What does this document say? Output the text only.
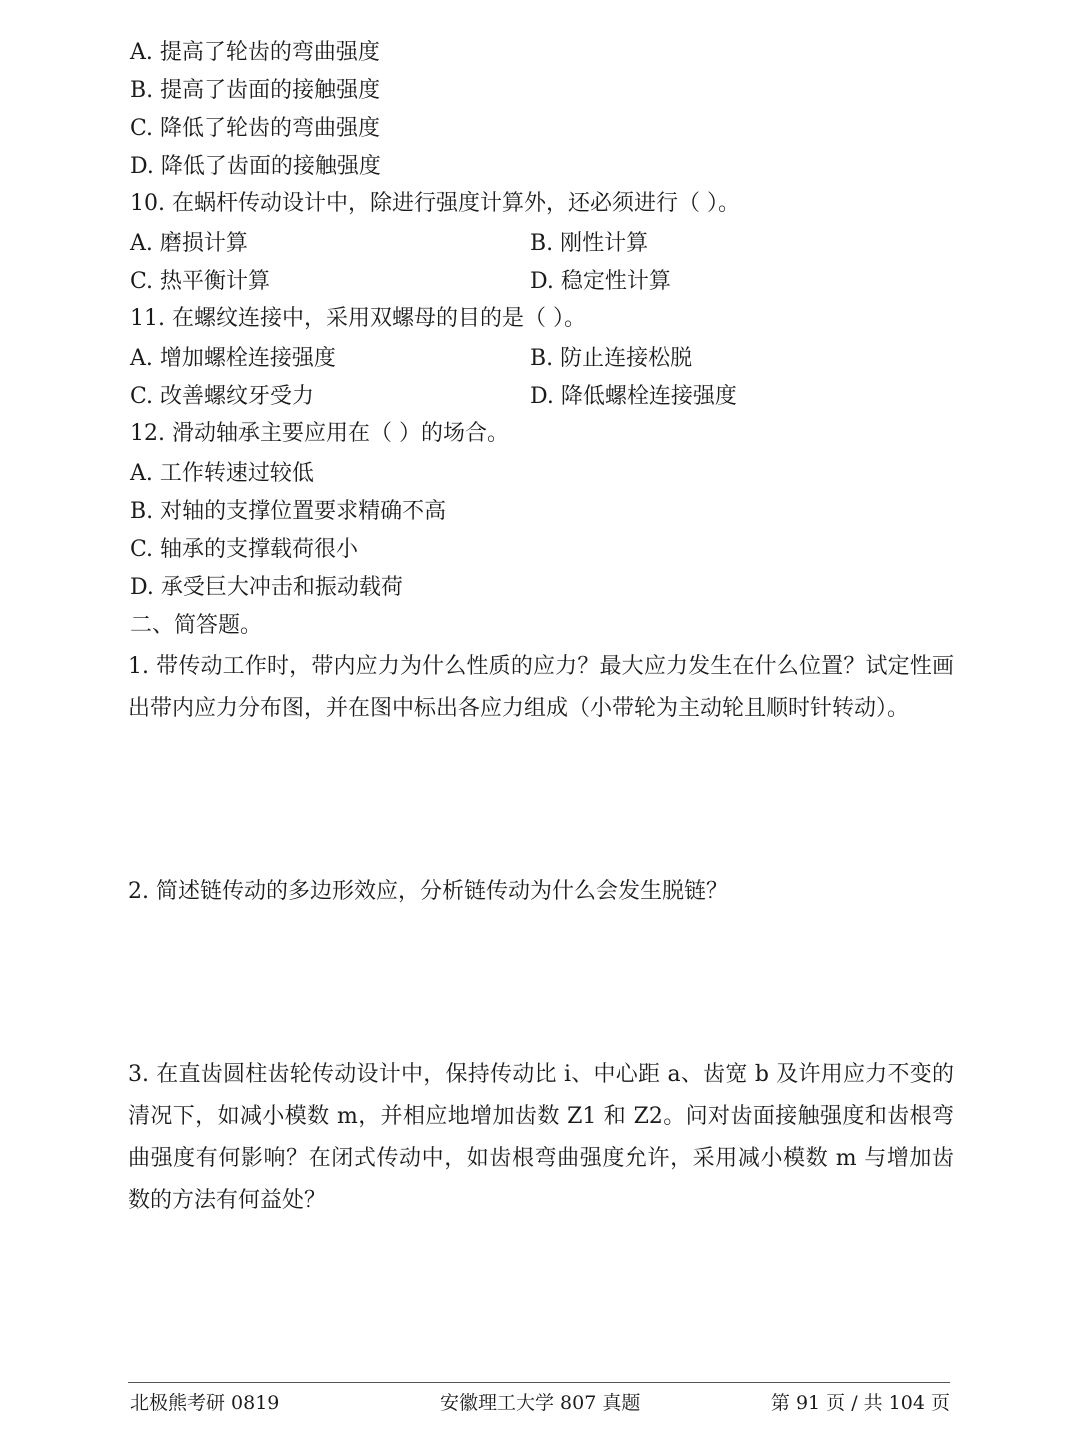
A. 提高了轮齿的弯曲强度
B. 提高了齿面的接触强度
C. 降低了轮齿的弯曲强度
D. 降低了齿面的接触强度
10. 在蜗杆传动设计中，除进行强度计算外，还必须进行（ ）。
A. 磨损计算	B. 刚性计算
C. 热平衡计算	D. 稳定性计算
11. 在螺纹连接中，采用双螺母的目的是（ ）。
A. 增加螺栓连接强度	B. 防止连接松脱
C. 改善螺纹牙受力	D. 降低螺栓连接强度
12. 滑动轴承主要应用在（ ）的场合。
A. 工作转速过较低
B. 对轴的支撑位置要求精确不高
C. 轴承的支撑载荷很小
D. 承受巨大冲击和振动载荷
二、简答题。
1. 带传动工作时，带内应力为什么性质的应力？最大应力发生在什么位置？试定性画出带内应力分布图，并在图中标出各应力组成（小带轮为主动轮且顺时针转动）。
2. 简述链传动的多边形效应，分析链传动为什么会发生脱链？
3. 在直齿圆柱齿轮传动设计中，保持传动比 i、中心距 a、齿宽 b 及许用应力不变的清况下，如减小模数 m，并相应地增加齿数 Z1 和 Z2。问对齿面接触强度和齿根弯曲强度有何影响？在闭式传动中，如齿根弯曲强度允许，采用减小模数 m 与增加齿数的方法有何益处？
北极熊考研 0819	安徽理工大学 807 真题	第 91 页 / 共 104 页
